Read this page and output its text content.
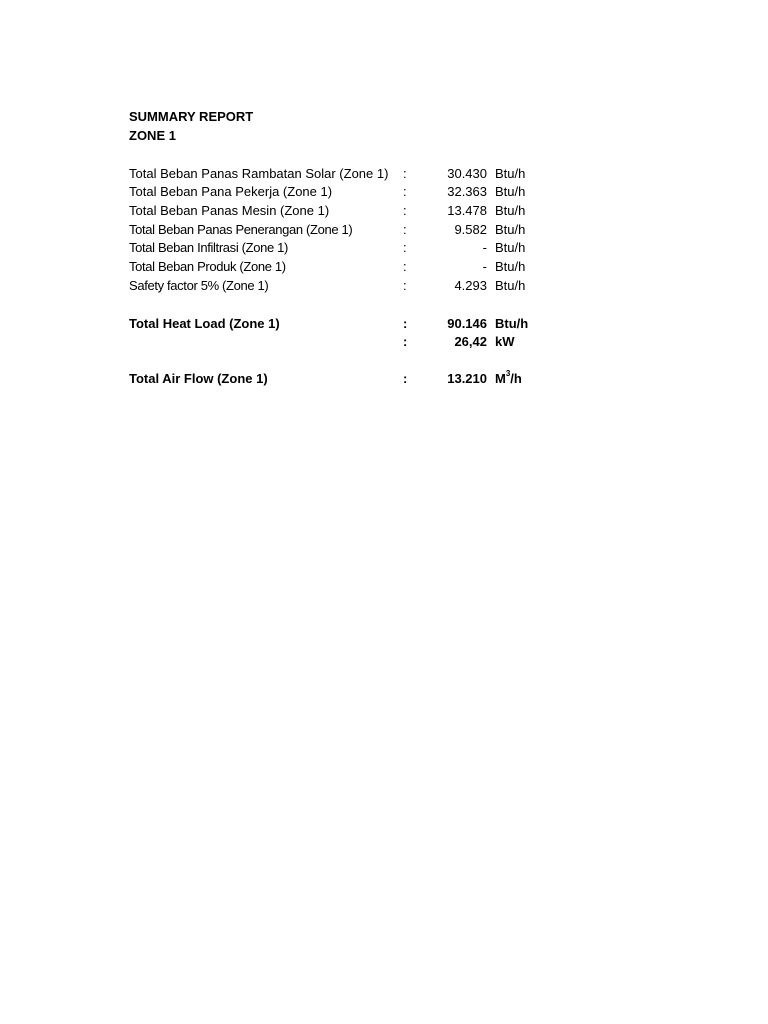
SUMMARY REPORT
ZONE 1
Total Beban Panas Rambatan Solar (Zone 1) :	30.430 Btu/h
Total Beban Pana Pekerja (Zone 1)	:	32.363 Btu/h
Total Beban Panas Mesin (Zone 1)	:	13.478 Btu/h
Total Beban Panas Penerangan (Zone 1)	:	9.582 Btu/h
Total Beban Infiltrasi (Zone 1)	:	- Btu/h
Total Beban Produk (Zone 1)	:	- Btu/h
Safety factor 5% (Zone 1)	:	4.293 Btu/h
Total Heat Load (Zone 1)	:	90.146 Btu/h
:	26,42 kW
Total Air Flow (Zone 1)	:	13.210 $M^3/h$
